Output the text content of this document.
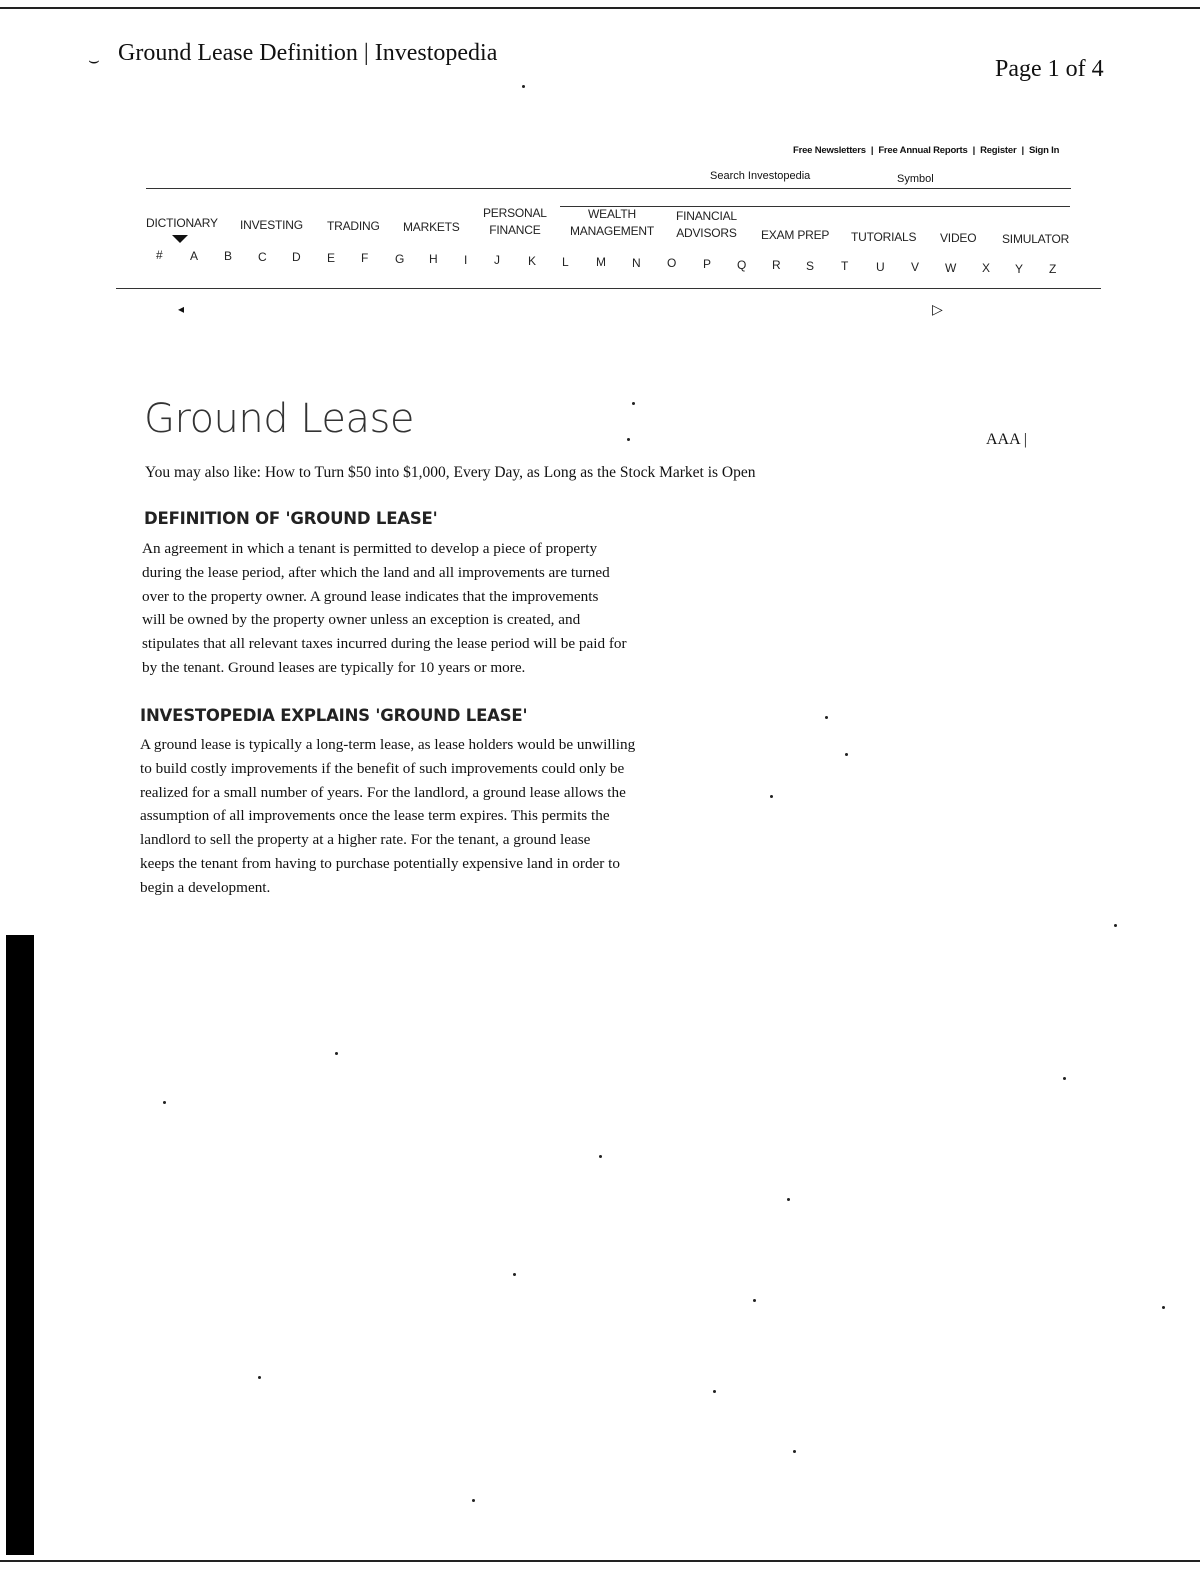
⌣ Ground Lease Definition | Investopedia
Page 1 of 4
Free Newsletters | Free Annual Reports | Register | Sign In
Search Investopedia	Symbol
DICTIONARY INVESTING TRADING MARKETS
PERSONAL
FINANCE
WEALTH
MANAGEMENT
FINANCIAL
ADVISORS EXAM PREP TUTORIALS VIDEO SIMULATOR
# A B C D E F G H I J K L M N O P Q R S T U V W X Y Z
◂	▷
Ground Lease	AAA |
You may also like: How to Turn $50 into $1,000, Every Day, as Long as the Stock Market is Open
DEFINITION OF 'GROUND LEASE'
An agreement in which a tenant is permitted to develop a piece of property
during the lease period, after which the land and all improvements are turned
over to the property owner. A ground lease indicates that the improvements
will be owned by the property owner unless an exception is created, and
stipulates that all relevant taxes incurred during the lease period will be paid for
by the tenant. Ground leases are typically for 10 years or more.
INVESTOPEDIA EXPLAINS 'GROUND LEASE'
A ground lease is typically a long-term lease, as lease holders would be unwilling
to build costly improvements if the benefit of such improvements could only be
realized for a small number of years. For the landlord, a ground lease allows the
assumption of all improvements once the lease term expires. This permits the
landlord to sell the property at a higher rate. For the tenant, a ground lease
keeps the tenant from having to purchase potentially expensive land in order to
begin a development.
